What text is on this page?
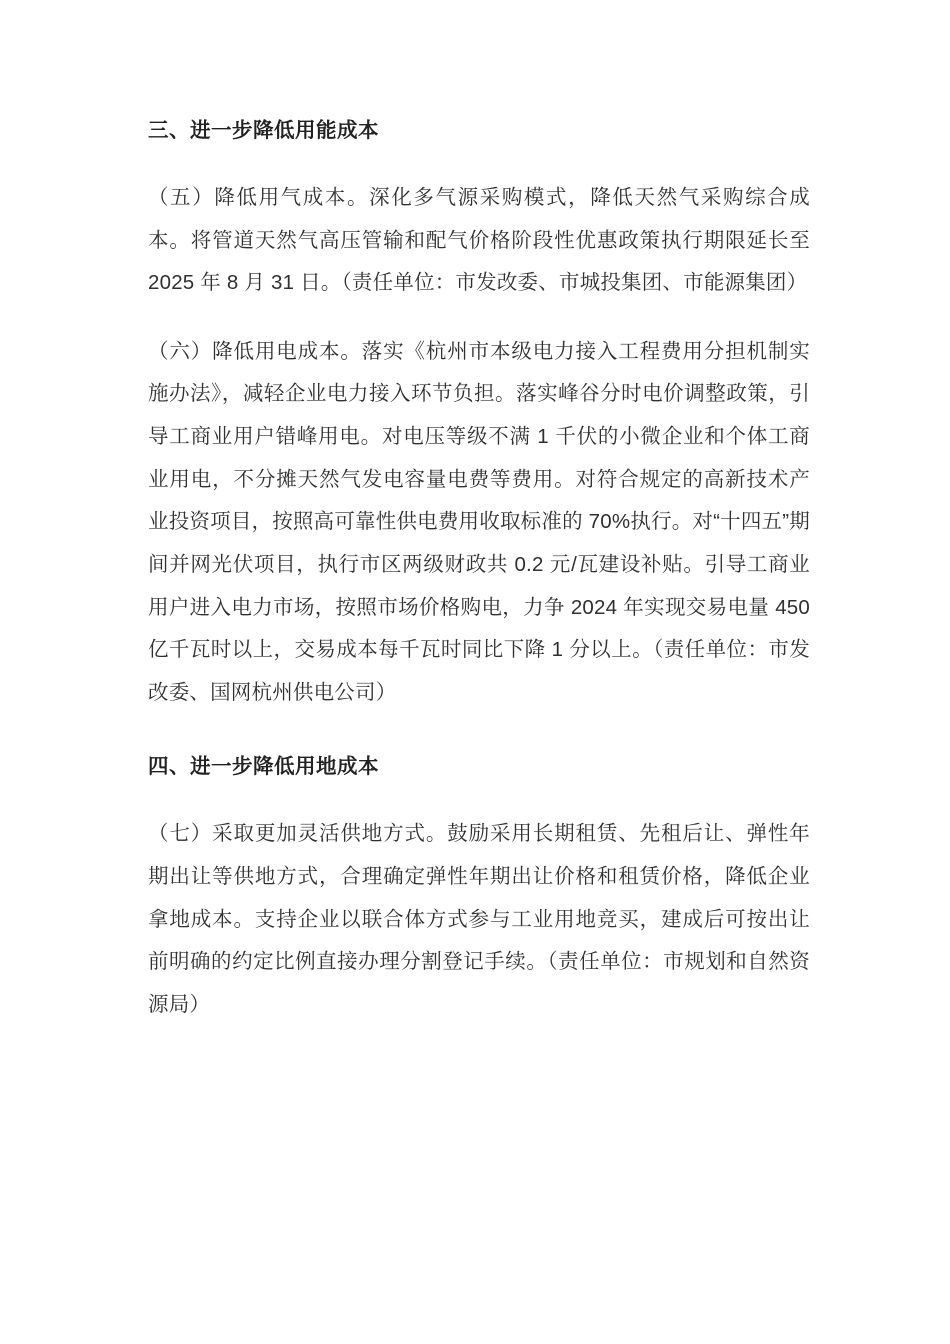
三、进一步降低用能成本

（五）降低用气成本。深化多气源采购模式，降低天然气采购综合成本。将管道天然气高压管输和配气价格阶段性优惠政策执行期限延长至 2025 年 8 月 31 日。（责任单位：市发改委、市城投集团、市能源集团）

（六）降低用电成本。落实《杭州市本级电力接入工程费用分担机制实施办法》，减轻企业电力接入环节负担。落实峰谷分时电价调整政策，引导工商业用户错峰用电。对电压等级不满 1 千伏的小微企业和个体工商业用电，不分摊天然气发电容量电费等费用。对符合规定的高新技术产业投资项目，按照高可靠性供电费用收取标准的 70%执行。对“十四五”期间并网光伏项目，执行市区两级财政共 0.2 元/瓦建设补贴。引导工商业用户进入电力市场，按照市场价格购电，力争 2024 年实现交易电量 450 亿千瓦时以上，交易成本每千瓦时同比下降 1 分以上。（责任单位：市发改委、国网杭州供电公司）

四、进一步降低用地成本

（七）采取更加灵活供地方式。鼓励采用长期租赁、先租后让、弹性年期出让等供地方式，合理确定弹性年期出让价格和租赁价格，降低企业拿地成本。支持企业以联合体方式参与工业用地竞买，建成后可按出让前明确的约定比例直接办理分割登记手续。（责任单位：市规划和自然资源局）
